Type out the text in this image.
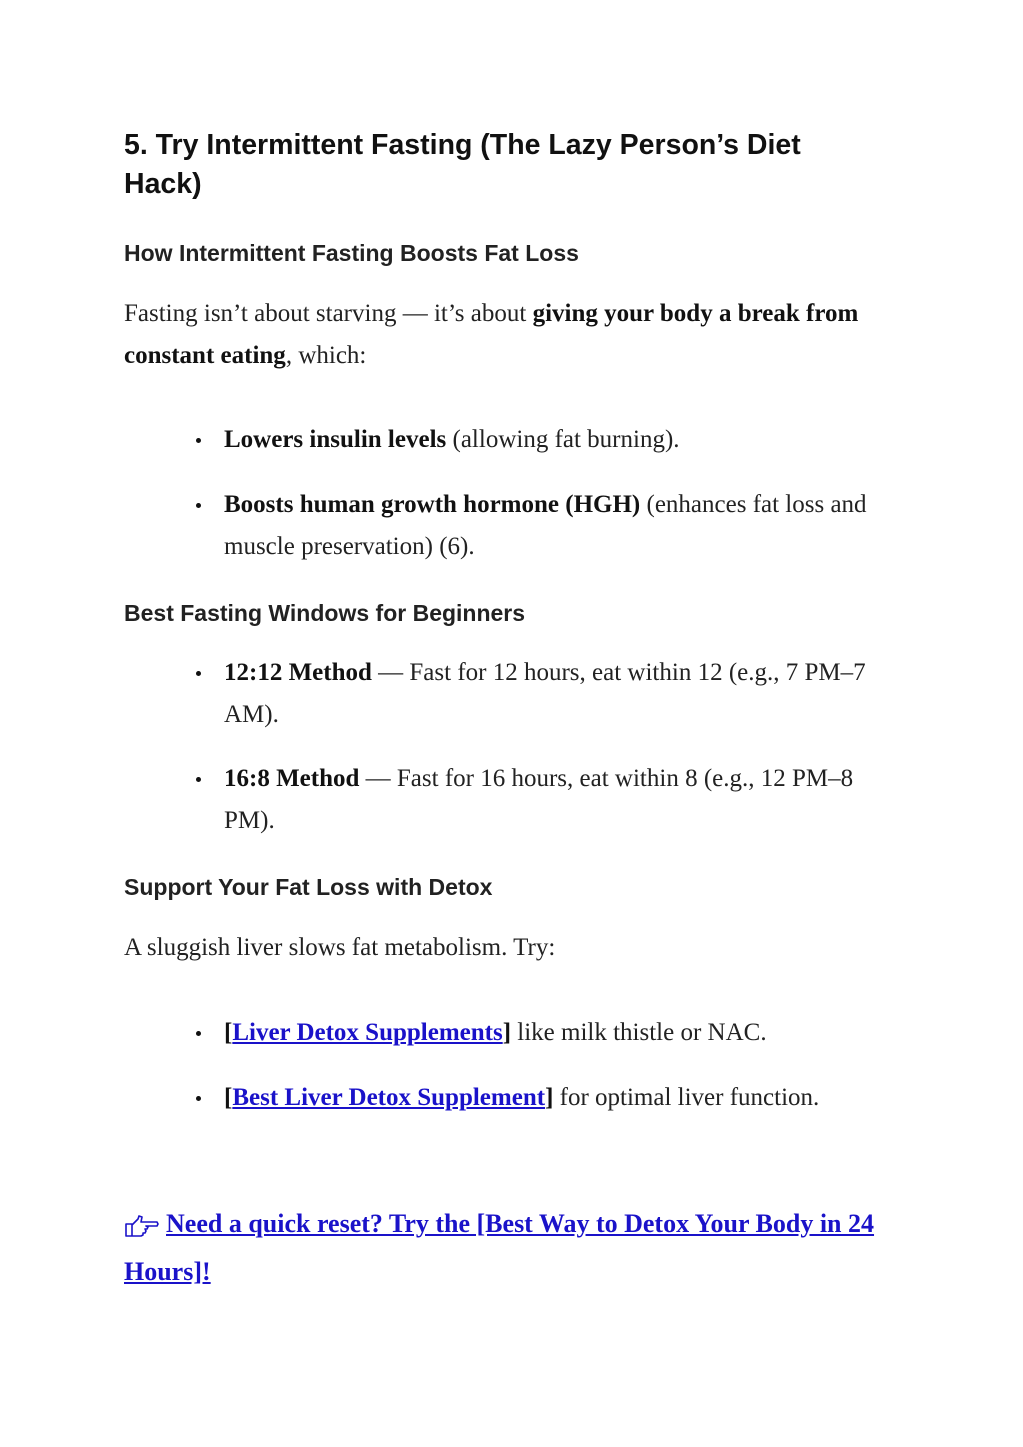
5. Try Intermittent Fasting (The Lazy Person’s Diet Hack)
How Intermittent Fasting Boosts Fat Loss

Fasting isn’t about starving — it’s about giving your body a break from constant eating, which:

Lowers insulin levels (allowing fat burning).
Boosts human growth hormone (HGH) (enhances fat loss and muscle preservation) (6).
Best Fasting Windows for Beginners
12:12 Method — Fast for 12 hours, eat within 12 (e.g., 7 PM–7 AM).
16:8 Method — Fast for 16 hours, eat within 8 (e.g., 12 PM–8 PM).
Support Your Fat Loss with Detox

A sluggish liver slows fat metabolism. Try:

[Liver Detox Supplements] like milk thistle or NAC.
[Best Liver Detox Supplement] for optimal liver function.
Need a quick reset? Try the [Best Way to Detox Your Body in 24 Hours]!
